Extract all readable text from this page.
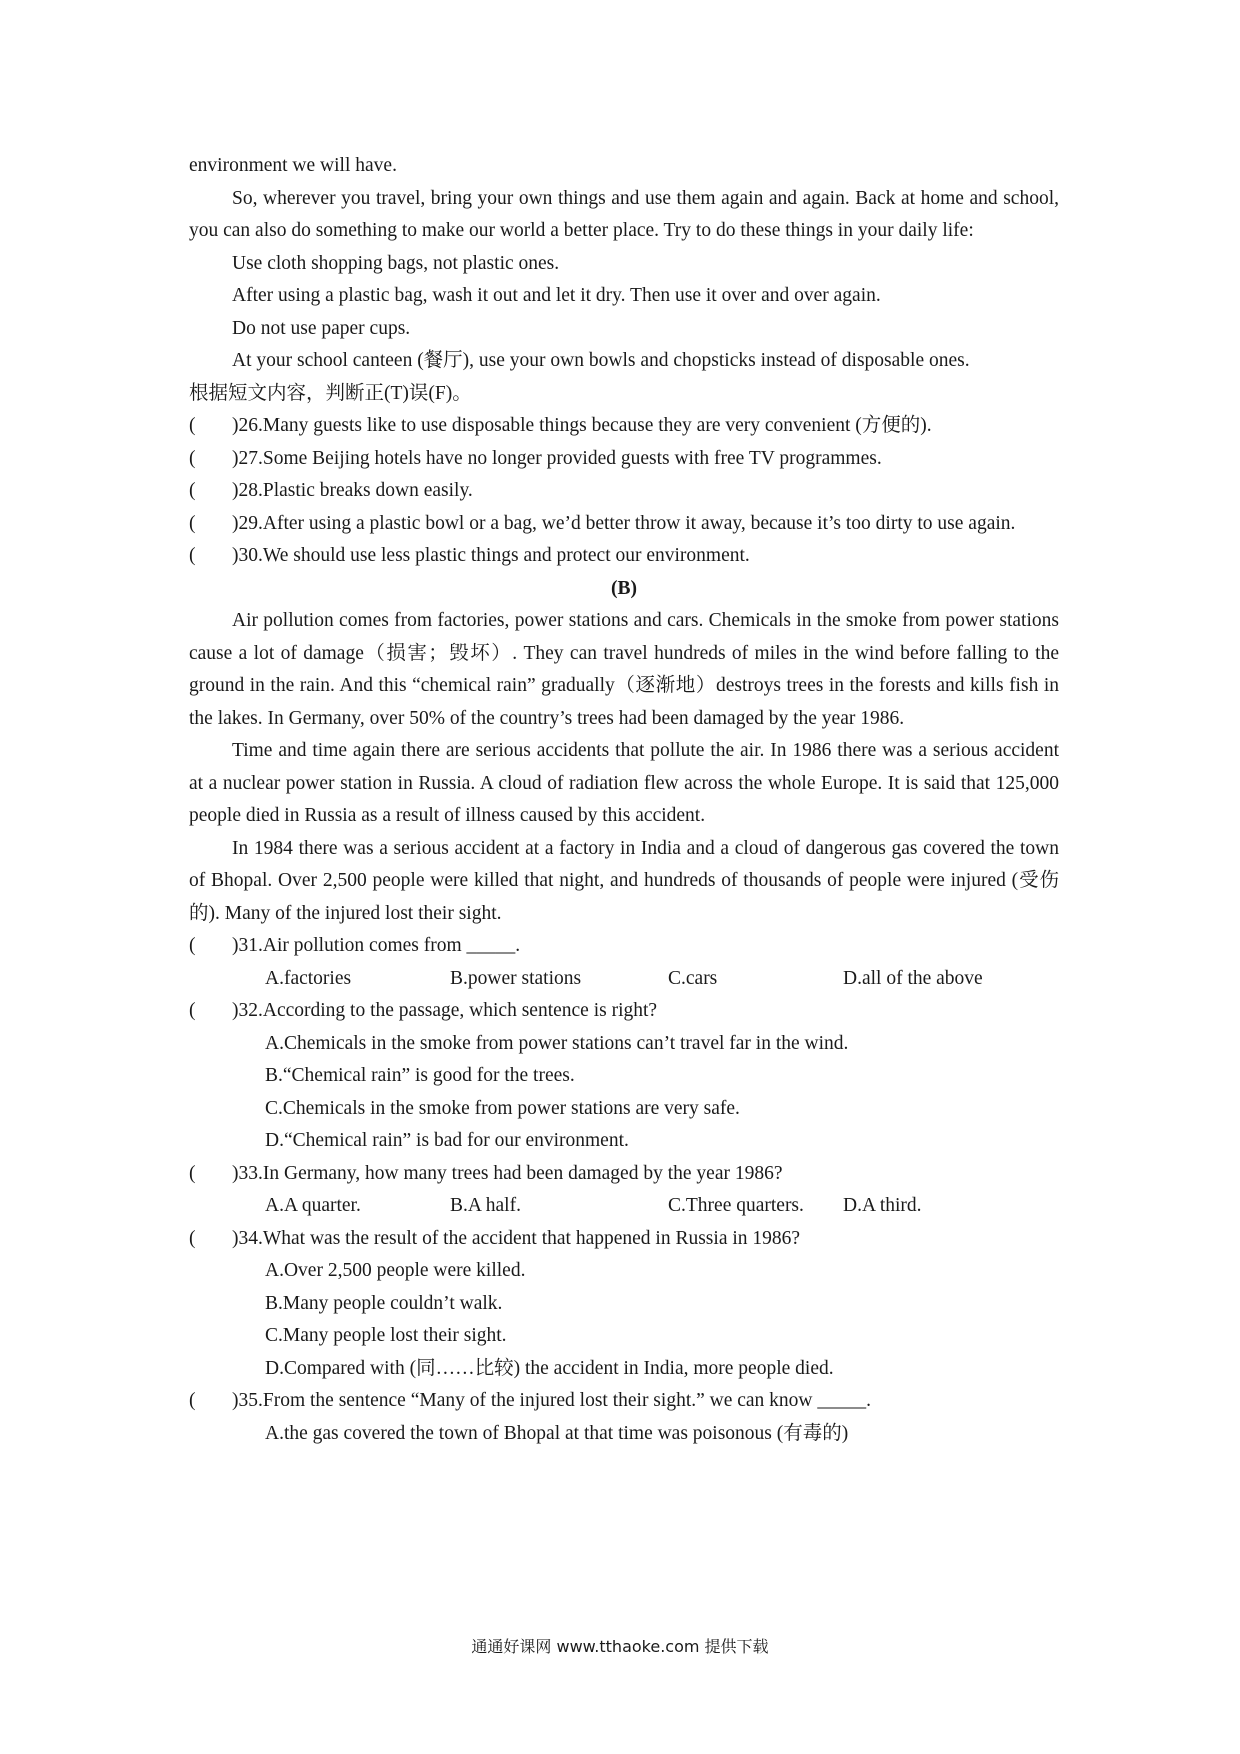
environment we will have.

So, wherever you travel, bring your own things and use them again and again. Back at home and school, you can also do something to make our world a better place. Try to do these things in your daily life:

Use cloth shopping bags, not plastic ones.

After using a plastic bag, wash it out and let it dry. Then use it over and over again.

Do not use paper cups.

At your school canteen (餐厅), use your own bowls and chopsticks instead of disposable ones.

根据短文内容，判断正(T)误(F)。

(	)26.Many guests like to use disposable things because they are very convenient (方便的).
(	)27.Some Beijing hotels have no longer provided guests with free TV programmes.
(	)28.Plastic breaks down easily.
(	)29.After using a plastic bowl or a bag, we’d better throw it away, because it’s too dirty to use again.
(	)30.We should use less plastic things and protect our environment.

(B)

Air pollution comes from factories, power stations and cars. Chemicals in the smoke from power stations cause a lot of damage（损害；毁坏）. They can travel hundreds of miles in the wind before falling to the ground in the rain. And this “chemical rain” gradually（逐渐地）destroys trees in the forests and kills fish in the lakes. In Germany, over 50% of the country’s trees had been damaged by the year 1986.

Time and time again there are serious accidents that pollute the air. In 1986 there was a serious accident at a nuclear power station in Russia. A cloud of radiation flew across the whole Europe. It is said that 125,000 people died in Russia as a result of illness caused by this accident.

In 1984 there was a serious accident at a factory in India and a cloud of dangerous gas covered the town of Bhopal. Over 2,500 people were killed that night, and hundreds of thousands of people were injured (受伤的). Many of the injured lost their sight.

(	)31.Air pollution comes from _____.
A.factories	B.power stations	C.cars	D.all of the above
(	)32.According to the passage, which sentence is right?

A.Chemicals in the smoke from power stations can’t travel far in the wind.

B.“Chemical rain” is good for the trees.

C.Chemicals in the smoke from power stations are very safe.

D.“Chemical rain” is bad for our environment.

(	)33.In Germany, how many trees had been damaged by the year 1986?
A.A quarter.	B.A half.	C.Three quarters.	D.A third.
(	)34.What was the result of the accident that happened in Russia in 1986?

A.Over 2,500 people were killed.

B.Many people couldn’t walk.

C.Many people lost their sight.

D.Compared with (同……比较) the accident in India, more people died.

(	)35.From the sentence “Many of the injured lost their sight.” we can know _____.

A.the gas covered the town of Bhopal at that time was poisonous (有毒的)

通通好课网 www.tthaoke.com 提供下载
